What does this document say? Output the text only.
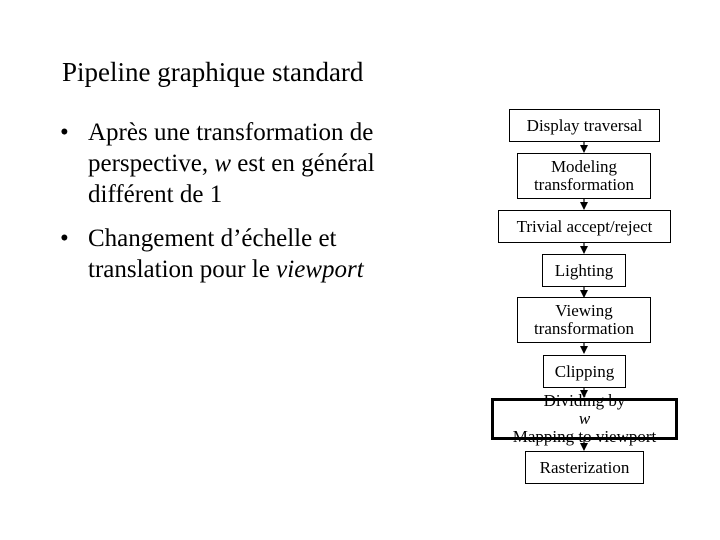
Pipeline graphique standard
• Après une transformation de perspective, w est en général différent de 1
• Changement d’échelle et translation pour le viewport
Display traversal
Modeling
transformation
Trivial accept/reject
Lighting
Viewing
transformation
Clipping
Dividing by
w
Mapping to viewport
Rasterization
